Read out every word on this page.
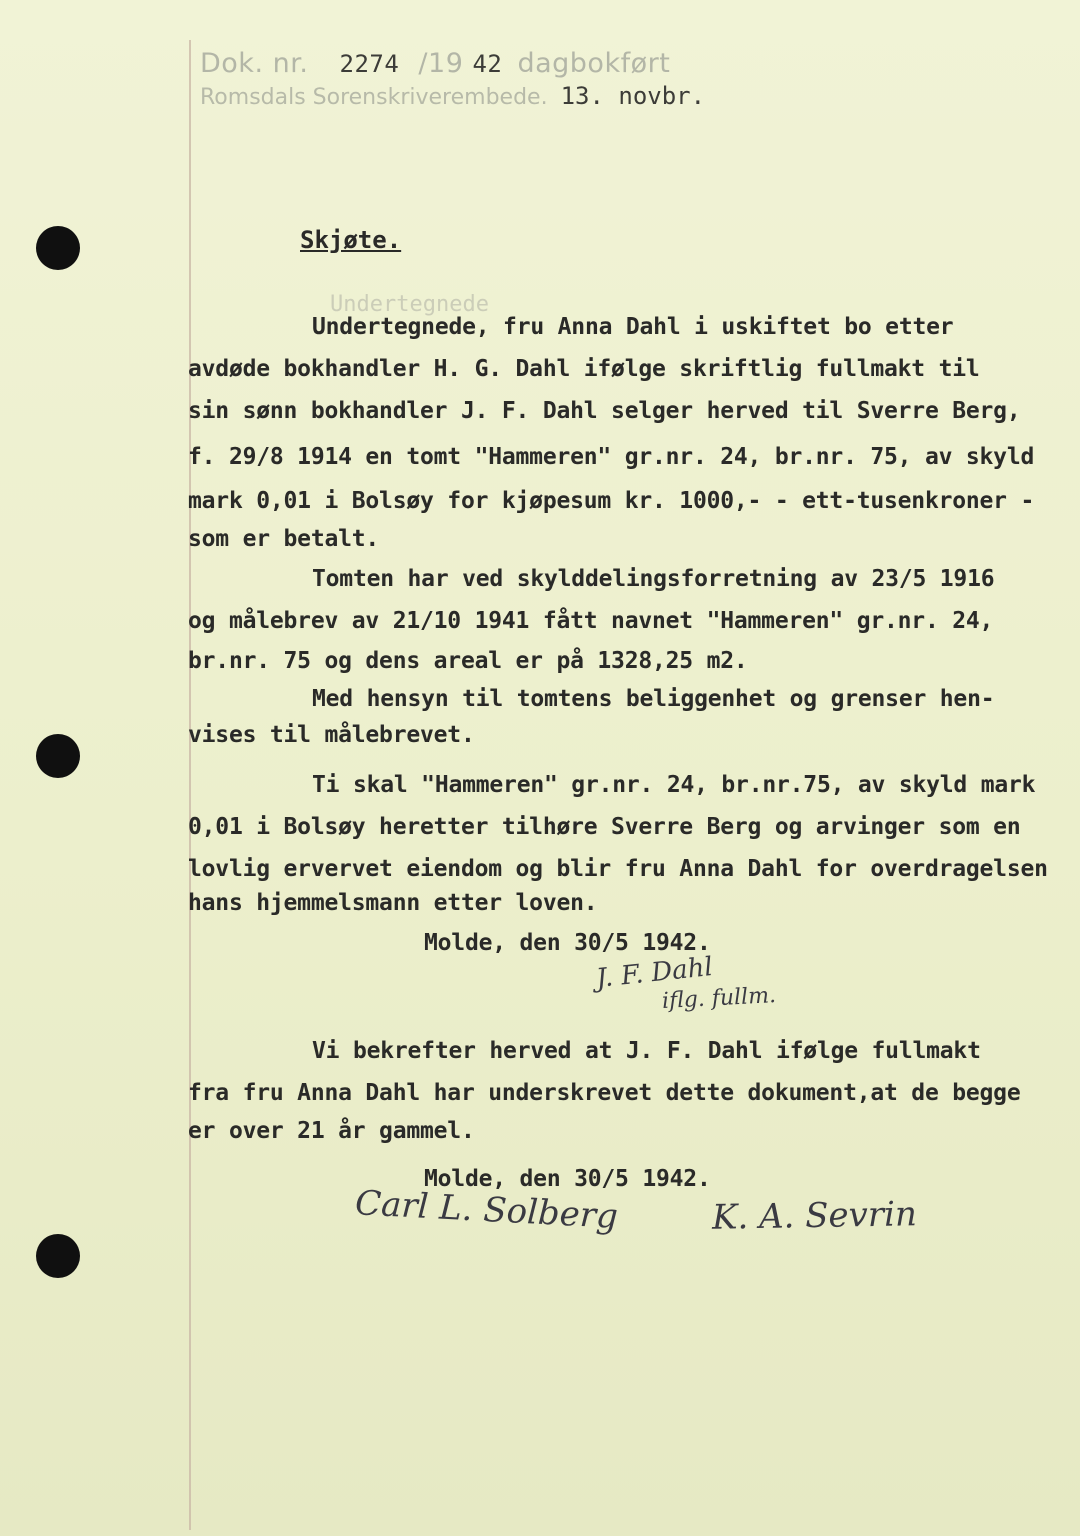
Dok. nr. 2274 /19 42 dagbokført
Romsdals Sorenskriverembede. 13. novbr.
Skjøte.
Undertegnede
Undertegnede, fru Anna Dahl i uskiftet bo etter
avdøde bokhandler H. G. Dahl ifølge skriftlig fullmakt til
sin sønn bokhandler J. F. Dahl selger herved til Sverre Berg,
f. 29/8 1914 en tomt "Hammeren" gr.nr. 24, br.nr. 75, av skyld
mark 0,01 i Bolsøy for kjøpesum kr. 1000,- - ett-tusenkroner -
som er betalt.
Tomten har ved skylddelingsforretning av 23/5 1916
og målebrev av 21/10 1941 fått navnet "Hammeren" gr.nr. 24,
br.nr. 75 og dens areal er på 1328,25 m2.
Med hensyn til tomtens beliggenhet og grenser hen-
vises til målebrevet.
Ti skal "Hammeren" gr.nr. 24, br.nr.75, av skyld mark
0,01 i Bolsøy heretter tilhøre Sverre Berg og arvinger som en
lovlig ervervet eiendom og blir fru Anna Dahl for overdragelsen
hans hjemmelsmann etter loven.
Molde, den 30/5 1942.
J. F. Dahl
iflg. fullm.
Vi bekrefter herved at J. F. Dahl ifølge fullmakt
fra fru Anna Dahl har underskrevet dette dokument,at de begge
er over 21 år gammel.
Molde, den 30/5 1942.
Carl L. Solberg	K. A. Sevrin
